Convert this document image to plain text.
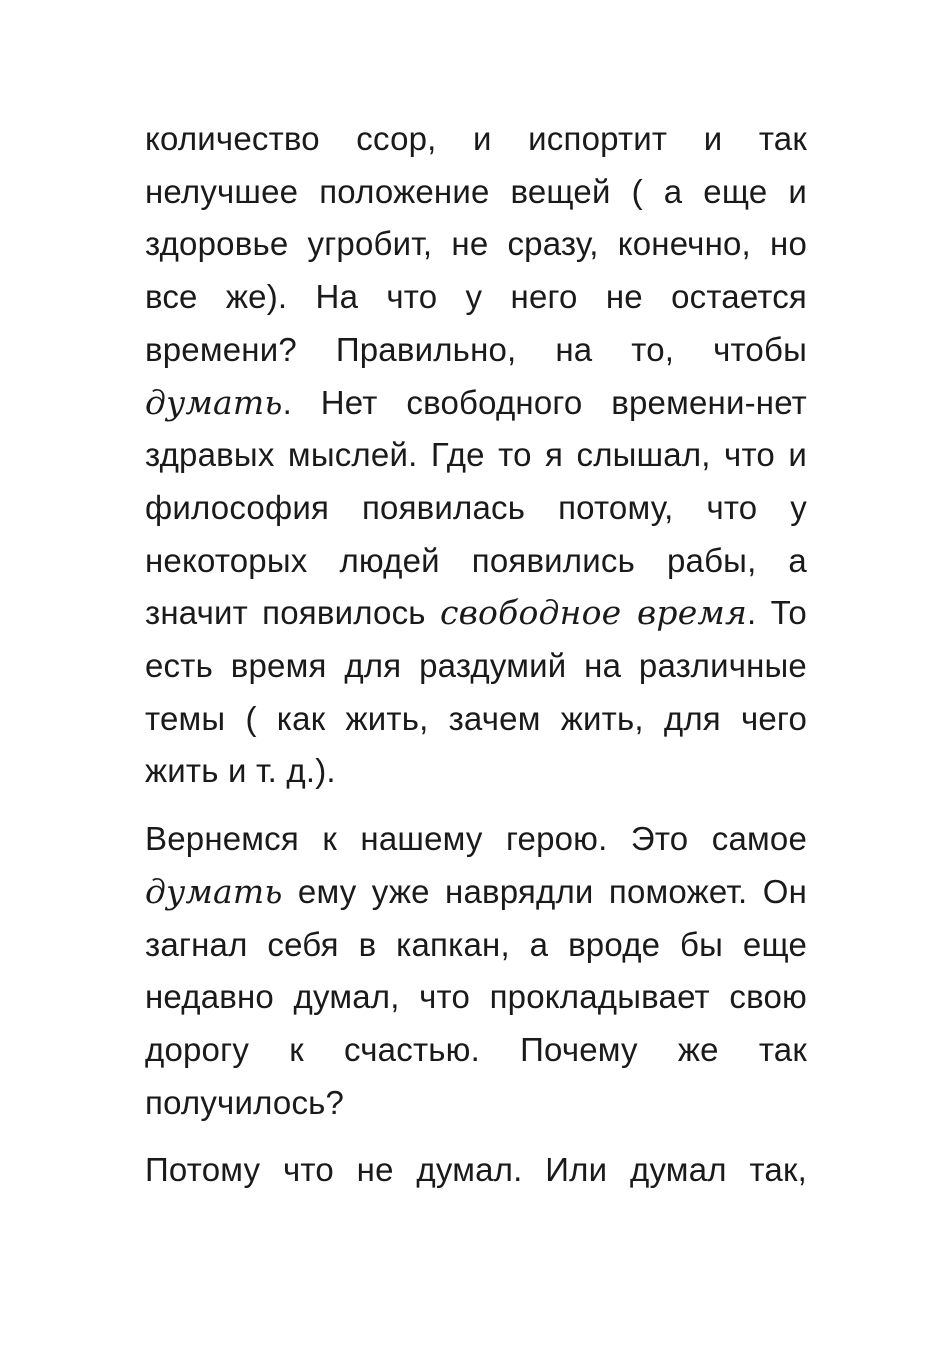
количество ссор, и испортит и так нелучшее положение вещей ( а еще и здоровье угробит, не сразу, конечно, но все же). На что у него не остается времени? Правильно, на то, чтобы думать. Нет свободного времени-нет здравых мыслей. Где то я слышал, что и философия появилась потому, что у некоторых людей появились рабы, а значит появилось свободное время. То есть время для раздумий на различные темы ( как жить, зачем жить, для чего жить и т. д.).

Вернемся к нашему герою. Это самое думать ему уже наврядли поможет. Он загнал себя в капкан, а вроде бы еще недавно думал, что прокладывает свою дорогу к счастью. Почему же так получилось?

Потому что не думал. Или думал так,
